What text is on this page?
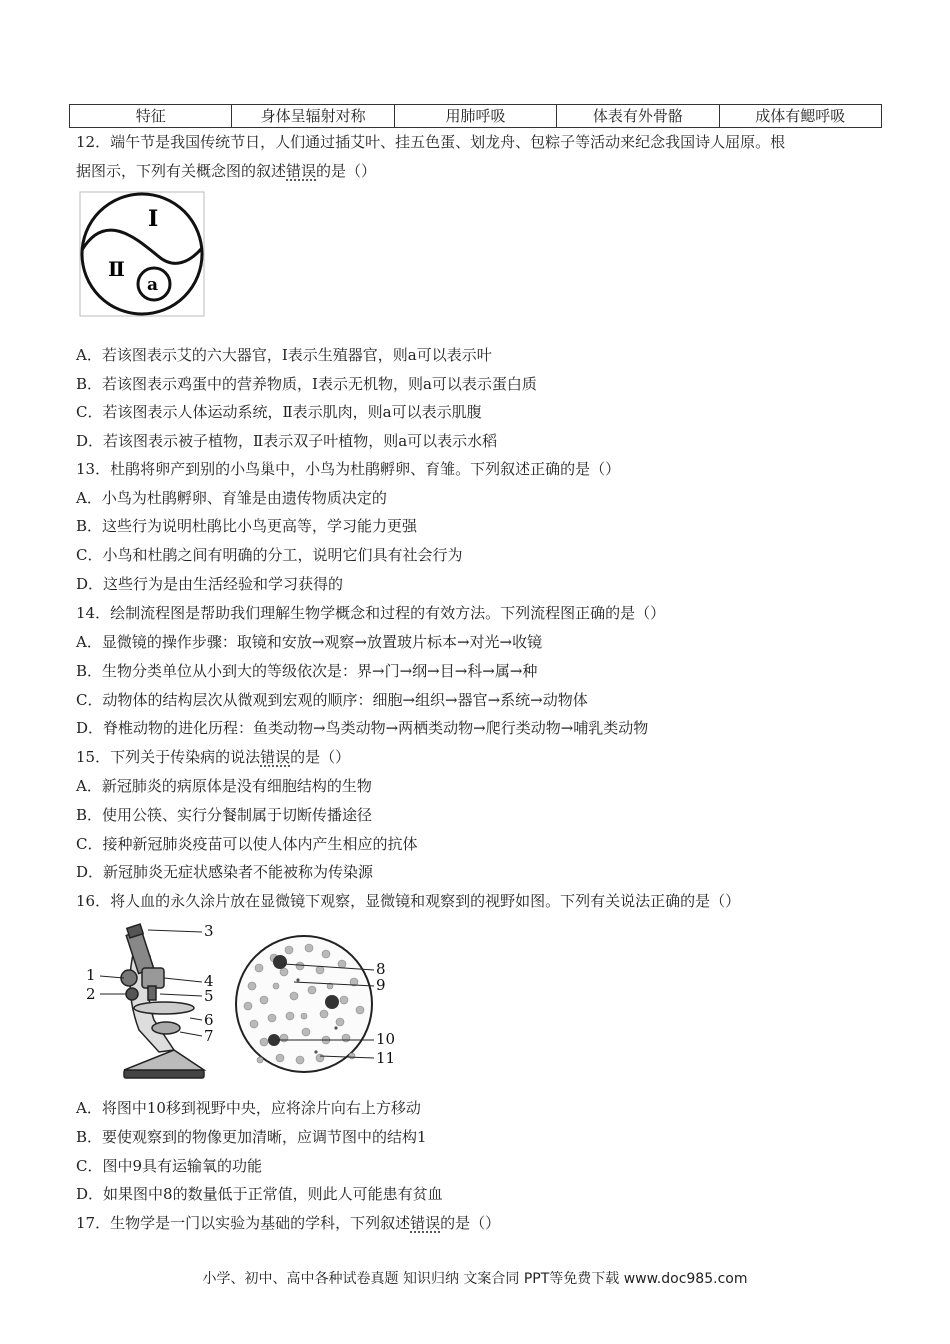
特征	身体呈辐射对称	用肺呼吸	体表有外骨骼	成体有鳃呼吸
12．端午节是我国传统节日，人们通过插艾叶、挂五色蛋、划龙舟、包粽子等活动来纪念我国诗人屈原。根
据图示，下列有关概念图的叙述错误的是（）
Ⅰ
Ⅱ
a
A．若该图表示艾的六大器官，Ⅰ表示生殖器官，则a可以表示叶
B．若该图表示鸡蛋中的营养物质，Ⅰ表示无机物，则a可以表示蛋白质
C．若该图表示人体运动系统，Ⅱ表示肌肉，则a可以表示肌腹
D．若该图表示被子植物，Ⅱ表示双子叶植物，则a可以表示水稻
13．杜鹃将卵产到别的小鸟巢中，小鸟为杜鹃孵卵、育雏。下列叙述正确的是（）
A．小鸟为杜鹃孵卵、育雏是由遗传物质决定的
B．这些行为说明杜鹃比小鸟更高等，学习能力更强
C．小鸟和杜鹃之间有明确的分工，说明它们具有社会行为
D．这些行为是由生活经验和学习获得的
14．绘制流程图是帮助我们理解生物学概念和过程的有效方法。下列流程图正确的是（）
A．显微镜的操作步骤：取镜和安放→观察→放置玻片标本→对光→收镜
B．生物分类单位从小到大的等级依次是：界→门→纲→目→科→属→种
C．动物体的结构层次从微观到宏观的顺序：细胞→组织→器官→系统→动物体
D．脊椎动物的进化历程：鱼类动物→鸟类动物→两栖类动物→爬行类动物→哺乳类动物
15．下列关于传染病的说法错误的是（）
A．新冠肺炎的病原体是没有细胞结构的生物
B．使用公筷、实行分餐制属于切断传播途径
C．接种新冠肺炎疫苗可以使人体内产生相应的抗体
D．新冠肺炎无症状感染者不能被称为传染源
16．将人血的永久涂片放在显微镜下观察，显微镜和观察到的视野如图。下列有关说法正确的是（）
1
2
3
4
5
6
7
8
9
10
11
A．将图中10移到视野中央，应将涂片向右上方移动
B．要使观察到的物像更加清晰，应调节图中的结构1
C．图中9具有运输氧的功能
D．如果图中8的数量低于正常值，则此人可能患有贫血
17．生物学是一门以实验为基础的学科，下列叙述错误的是（）
小学、初中、高中各种试卷真题 知识归纳 文案合同 PPT等免费下载 www.doc985.com
